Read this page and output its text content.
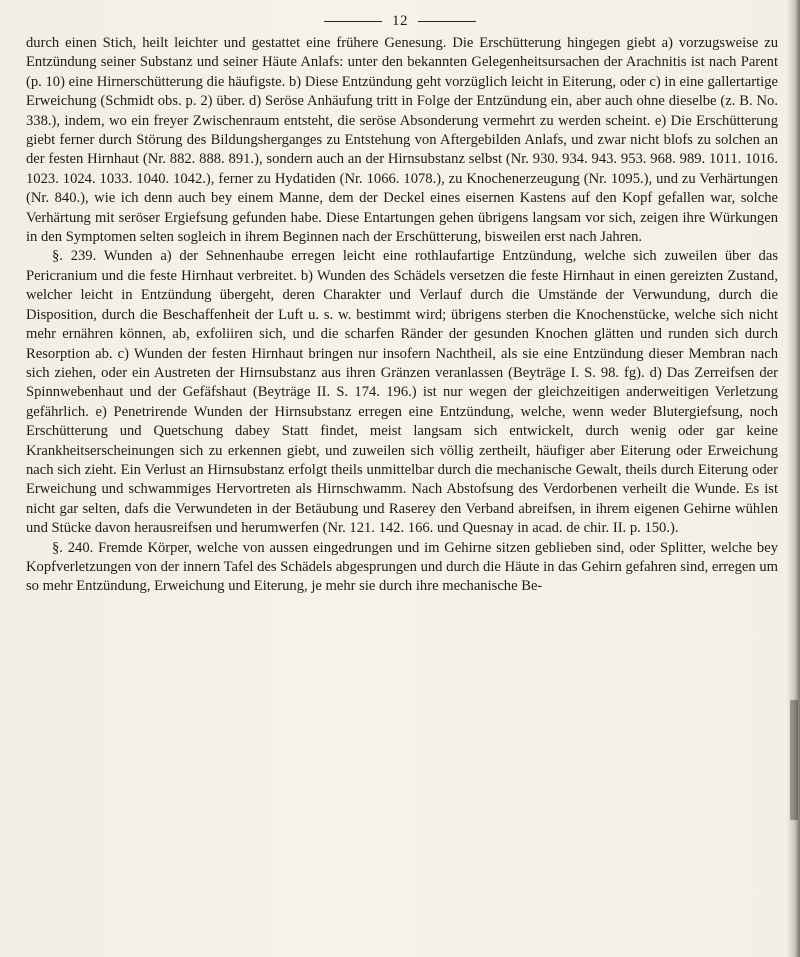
12

durch einen Stich, heilt leichter und gestattet eine frühere Genesung. Die Erschütterung hingegen giebt a) vorzugsweise zu Entzündung seiner Substanz und seiner Häute Anlafs: unter den bekannten Gelegenheitsursachen der Arachnitis ist nach Parent (p. 10) eine Hirnerschütterung die häufigste. b) Diese Entzündung geht vorzüglich leicht in Eiterung, oder c) in eine gallertartige Erweichung (Schmidt obs. p. 2) über. d) Seröse Anhäufung tritt in Folge der Entzündung ein, aber auch ohne dieselbe (z. B. No. 338.), indem, wo ein freyer Zwischenraum entsteht, die seröse Absonderung vermehrt zu werden scheint. e) Die Erschütterung giebt ferner durch Störung des Bildungsherganges zu Entstehung von Aftergebilden Anlafs, und zwar nicht blofs zu solchen an der festen Hirnhaut (Nr. 882. 888. 891.), sondern auch an der Hirnsubstanz selbst (Nr. 930. 934. 943. 953. 968. 989. 1011. 1016. 1023. 1024. 1033. 1040. 1042.), ferner zu Hydatiden (Nr. 1066. 1078.), zu Knochenerzeugung (Nr. 1095.), und zu Verhärtungen (Nr. 840.), wie ich denn auch bey einem Manne, dem der Deckel eines eisernen Kastens auf den Kopf gefallen war, solche Verhärtung mit seröser Ergiefsung gefunden habe. Diese Entartungen gehen übrigens langsam vor sich, zeigen ihre Würkungen in den Symptomen selten sogleich in ihrem Beginnen nach der Erschütterung, bisweilen erst nach Jahren.

§. 239. Wunden a) der Sehnenhaube erregen leicht eine rothlaufartige Entzündung, welche sich zuweilen über das Pericranium und die feste Hirnhaut verbreitet. b) Wunden des Schädels versetzen die feste Hirnhaut in einen gereizten Zustand, welcher leicht in Entzündung übergeht, deren Charakter und Verlauf durch die Umstände der Verwundung, durch die Disposition, durch die Beschaffenheit der Luft u. s. w. bestimmt wird; übrigens sterben die Knochenstücke, welche sich nicht mehr ernähren können, ab, exfoliiren sich, und die scharfen Ränder der gesunden Knochen glätten und runden sich durch Resorption ab. c) Wunden der festen Hirnhaut bringen nur insofern Nachtheil, als sie eine Entzündung dieser Membran nach sich ziehen, oder ein Austreten der Hirnsubstanz aus ihren Gränzen veranlassen (Beyträge I. S. 98. fg). d) Das Zerreifsen der Spinnwebenhaut und der Gefäfshaut (Beyträge II. S. 174. 196.) ist nur wegen der gleichzeitigen anderweitigen Verletzung gefährlich. e) Penetrirende Wunden der Hirnsubstanz erregen eine Entzündung, welche, wenn weder Blutergiefsung, noch Erschütterung und Quetschung dabey Statt findet, meist langsam sich entwickelt, durch wenig oder gar keine Krankheitserscheinungen sich zu erkennen giebt, und zuweilen sich völlig zertheilt, häufiger aber Eiterung oder Erweichung nach sich zieht. Ein Verlust an Hirnsubstanz erfolgt theils unmittelbar durch die mechanische Gewalt, theils durch Eiterung oder Erweichung und schwammiges Hervortreten als Hirnschwamm. Nach Abstofsung des Verdorbenen verheilt die Wunde. Es ist nicht gar selten, dafs die Verwundeten in der Betäubung und Raserey den Verband abreifsen, in ihrem eigenen Gehirne wühlen und Stücke davon herausreifsen und herumwerfen (Nr. 121. 142. 166. und Quesnay in acad. de chir. II. p. 150.).

§. 240. Fremde Körper, welche von aussen eingedrungen und im Gehirne sitzen geblieben sind, oder Splitter, welche bey Kopfverletzungen von der innern Tafel des Schädels abgesprungen und durch die Häute in das Gehirn gefahren sind, erregen um so mehr Entzündung, Erweichung und Eiterung, je mehr sie durch ihre mechanische Be-
